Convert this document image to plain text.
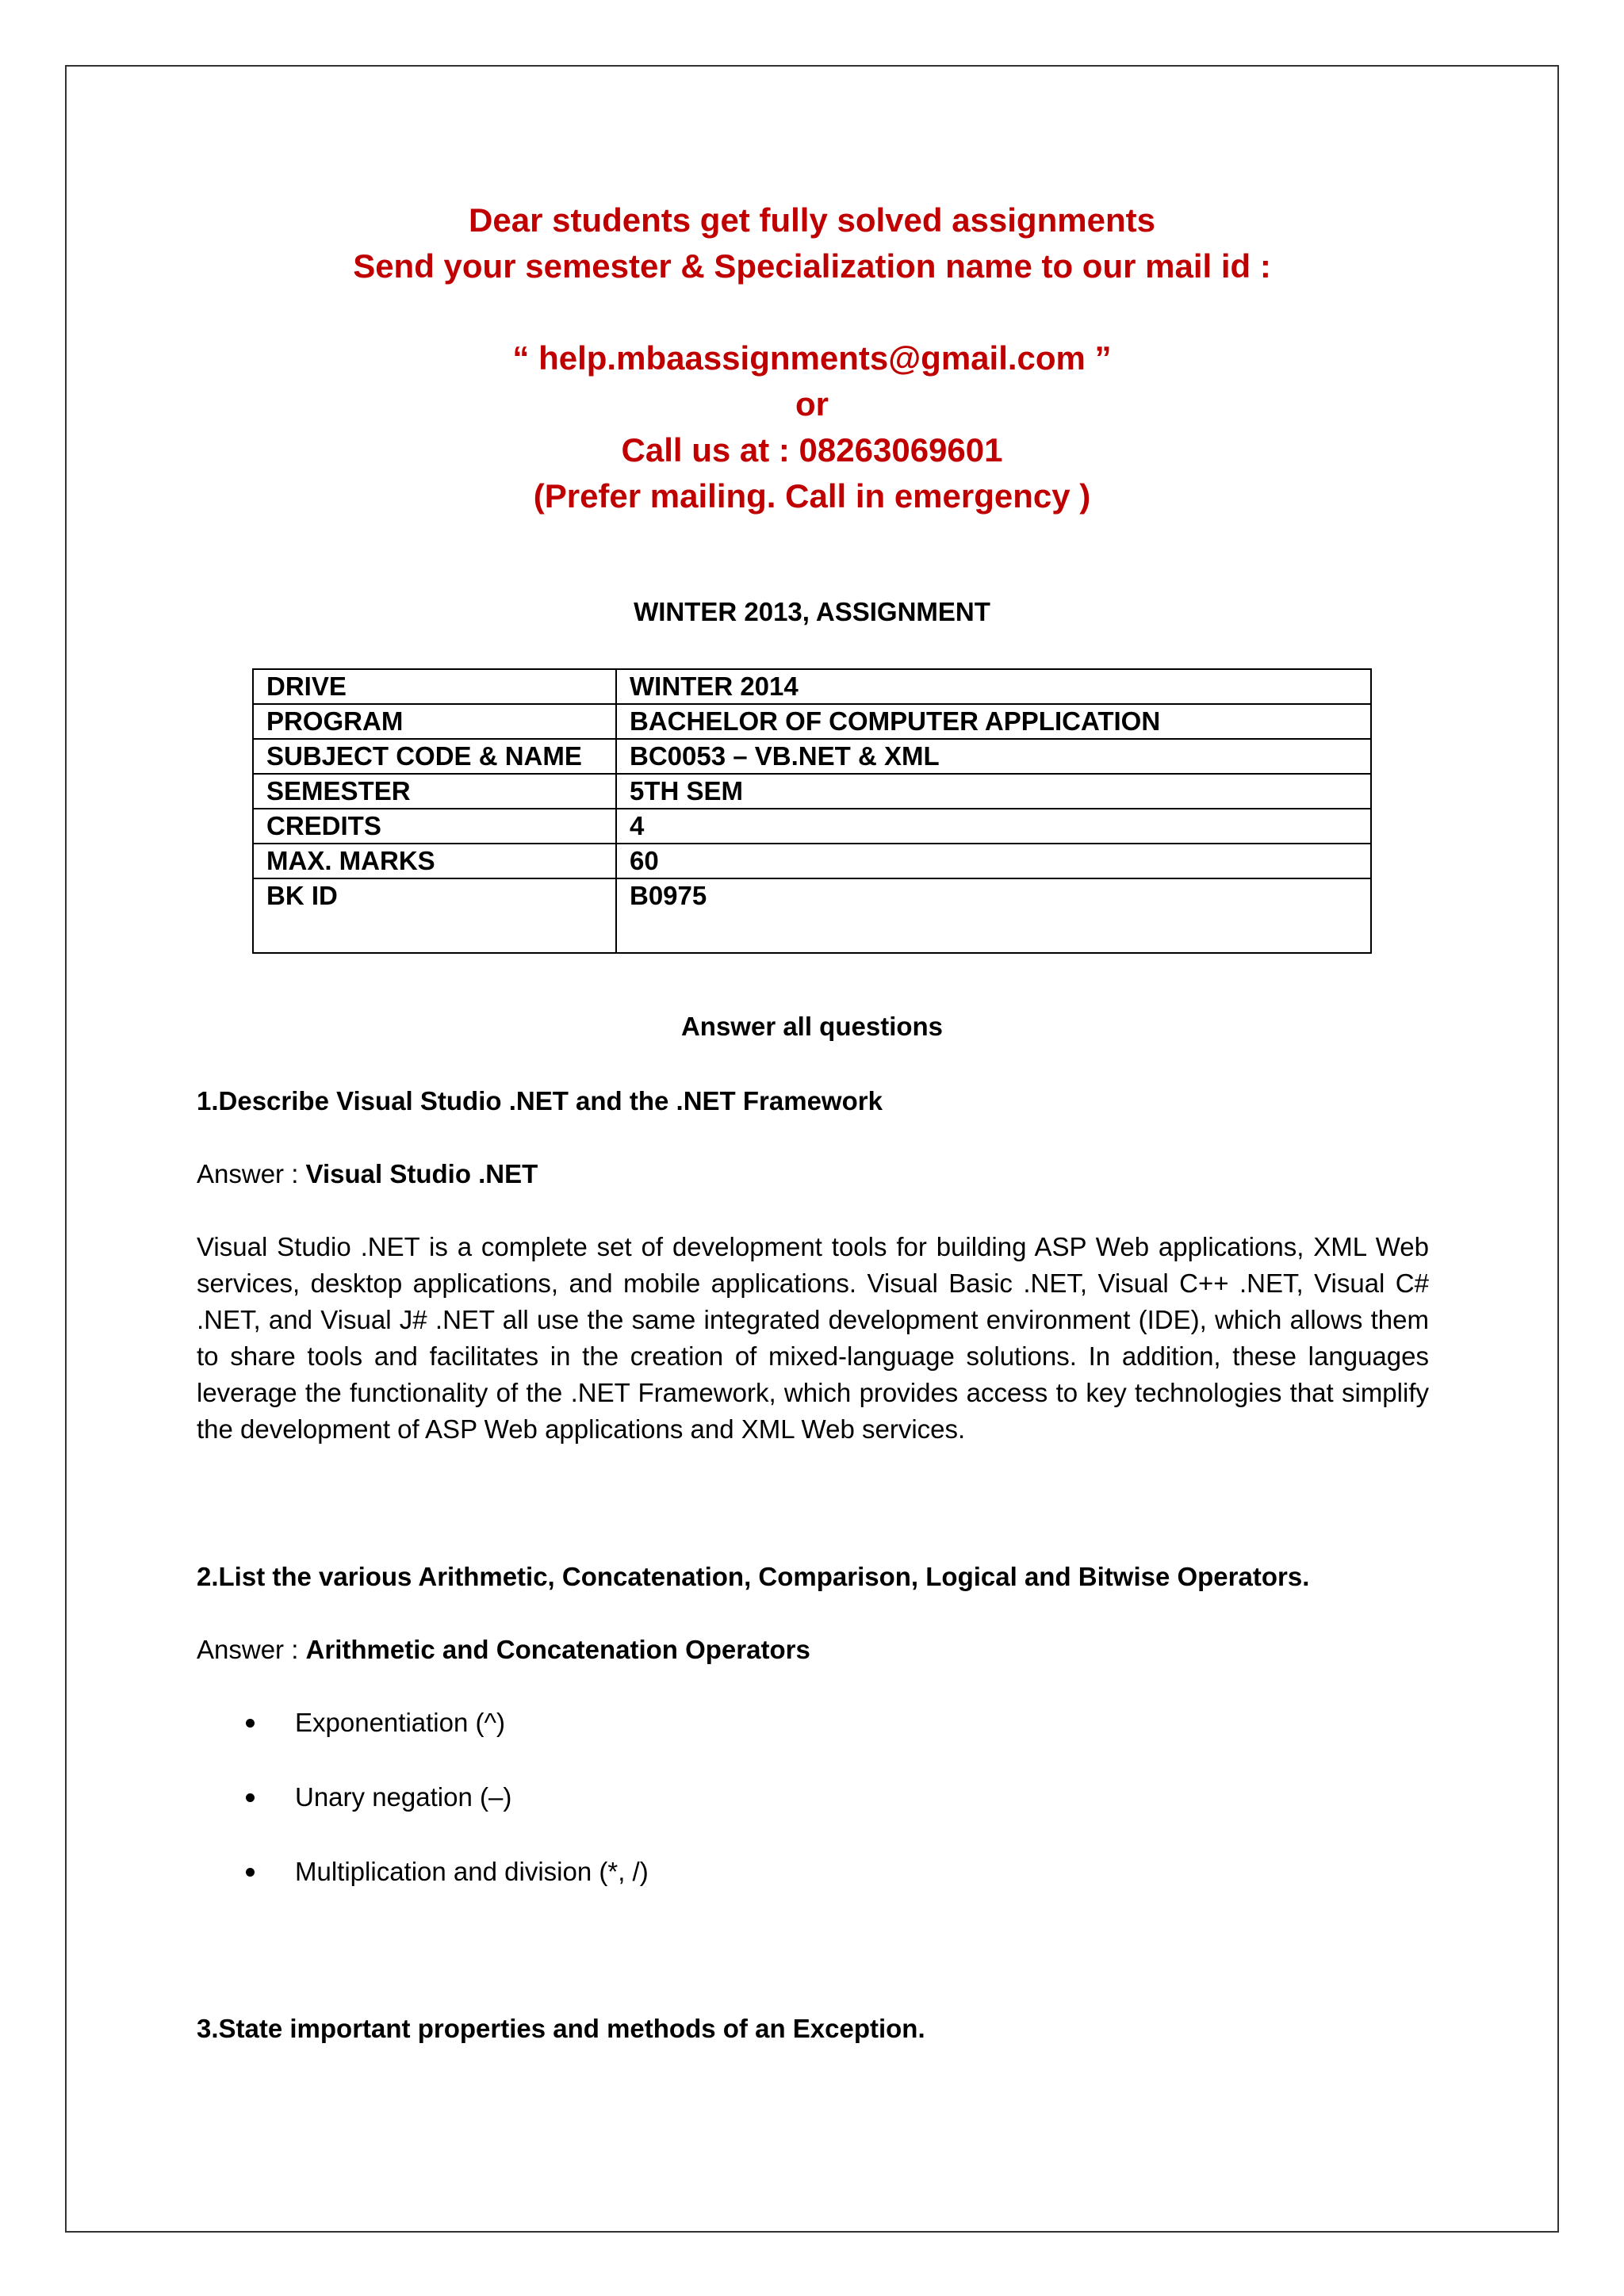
Dear students get fully solved assignments

Send your semester & Specialization name to our mail id :

“ help.mbaassignments@gmail.com ”

or

Call us at : 08263069601

(Prefer mailing. Call in emergency )

WINTER 2013, ASSIGNMENT
DRIVE	WINTER 2014
PROGRAM	BACHELOR OF COMPUTER APPLICATION
SUBJECT CODE & NAME	BC0053 – VB.NET & XML
SEMESTER	5TH SEM
CREDITS	4
MAX. MARKS	60
BK ID	B0975
Answer all questions
1.Describe Visual Studio .NET and the .NET Framework
Answer : Visual Studio .NET
Visual Studio .NET is a complete set of development tools for building ASP Web applications, XML Web services, desktop applications, and mobile applications. Visual Basic .NET, Visual C++ .NET, Visual C# .NET, and Visual J# .NET all use the same integrated development environment (IDE), which allows them to share tools and facilitates in the creation of mixed-language solutions. In addition, these languages leverage the functionality of the .NET Framework, which provides access to key technologies that simplify the development of ASP Web applications and XML Web services.
2.List the various Arithmetic, Concatenation, Comparison, Logical and Bitwise Operators.
Answer : Arithmetic and Concatenation Operators
Exponentiation (^)
Unary negation (–)
Multiplication and division (*, /)
3.State important properties and methods of an Exception.
